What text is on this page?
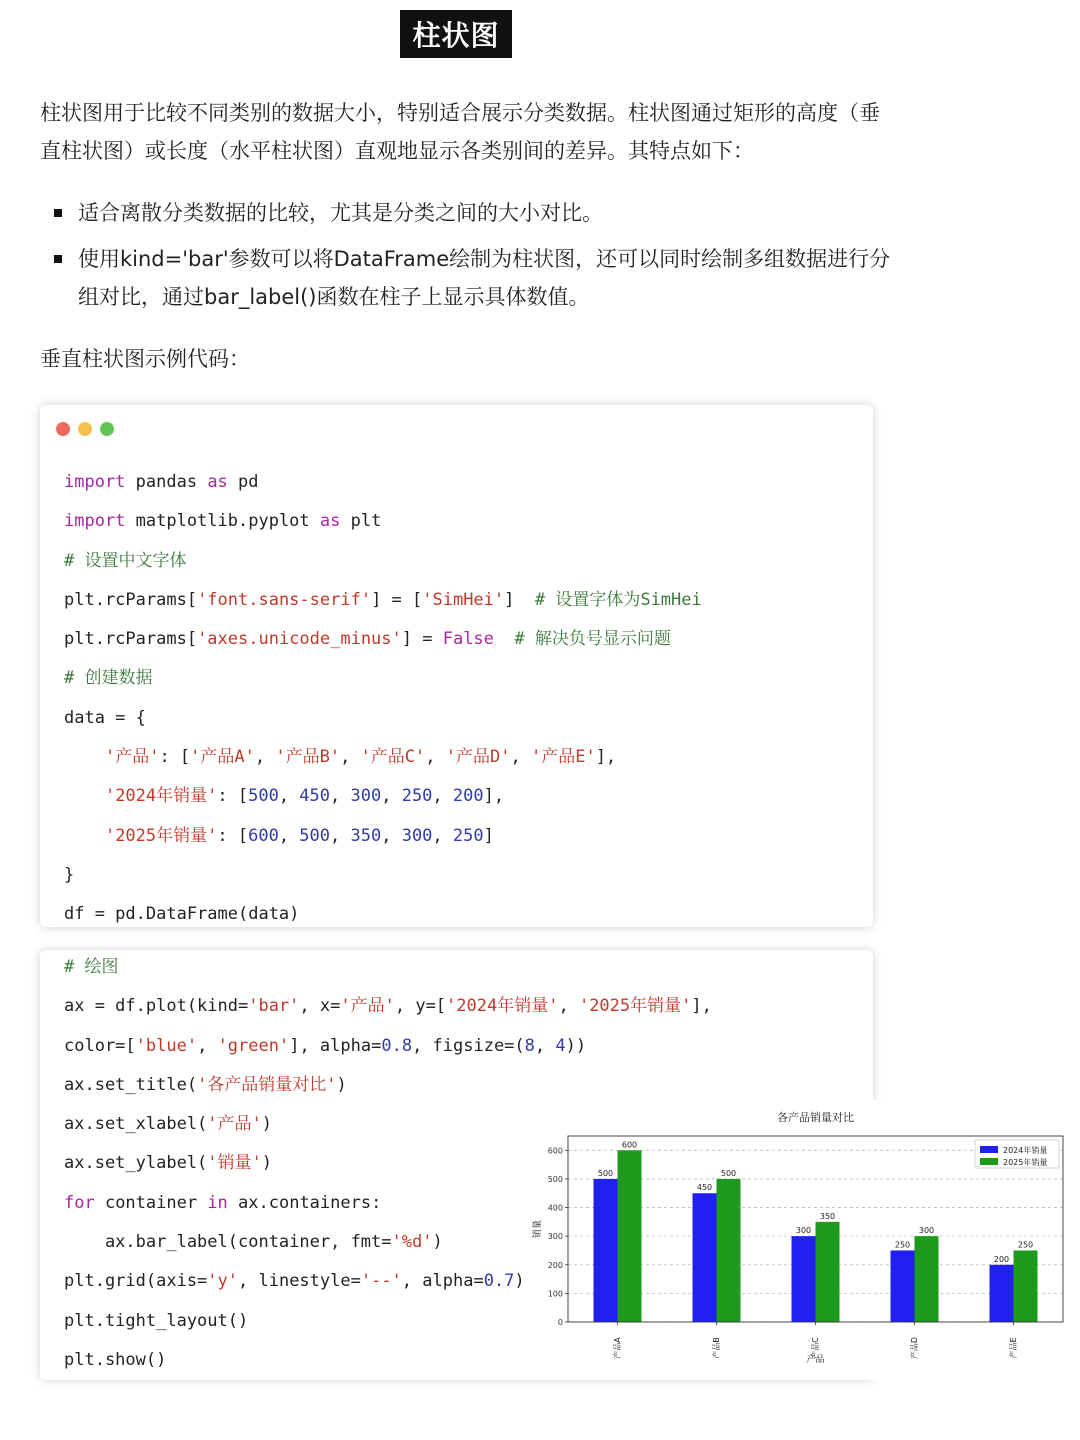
柱状图

柱状图用于比较不同类别的数据大小，特别适合展示分类数据。柱状图通过矩形的高度（垂直柱状图）或长度（水平柱状图）直观地显示各类别间的差异。其特点如下：

适合离散分类数据的比较，尤其是分类之间的大小对比。
使用kind='bar'参数可以将DataFrame绘制为柱状图，还可以同时绘制多组数据进行分组对比，通过bar_label()函数在柱子上显示具体数值。
垂直柱状图示例代码：
import pandas as pd
import matplotlib.pyplot as plt
# 设置中文字体
plt.rcParams['font.sans-serif'] = ['SimHei']  # 设置字体为SimHei
plt.rcParams['axes.unicode_minus'] = False # 解决负号显示问题
# 创建数据
data = {
'产品': ['产品A', '产品B', '产品C', '产品D', '产品E'],
'2024年销量': [500, 450, 300, 250, 200],
'2025年销量': [600, 500, 350, 300, 250]
}
df = pd.DataFrame(data)
# 绘图
ax = df.plot(kind='bar', x='产品', y=['2024年销量', '2025年销量'],
color=['blue', 'green'], alpha=0.8, figsize=(8, 4))
ax.set_title('各产品销量对比')
ax.set_xlabel('产品')
ax.set_ylabel('销量')
for container in ax.containers:
ax.bar_label(container, fmt='%d')
plt.grid(axis='y', linestyle='--', alpha=0.7)
plt.tight_layout()
plt.show()
各产品销量对比
0
100
200
300
400
500
600
500
600
产品A
450
500
产品B
300
350
产品C
250
300
产品D
200
250
产品E
产品
销量
2024年销量
2025年销量
